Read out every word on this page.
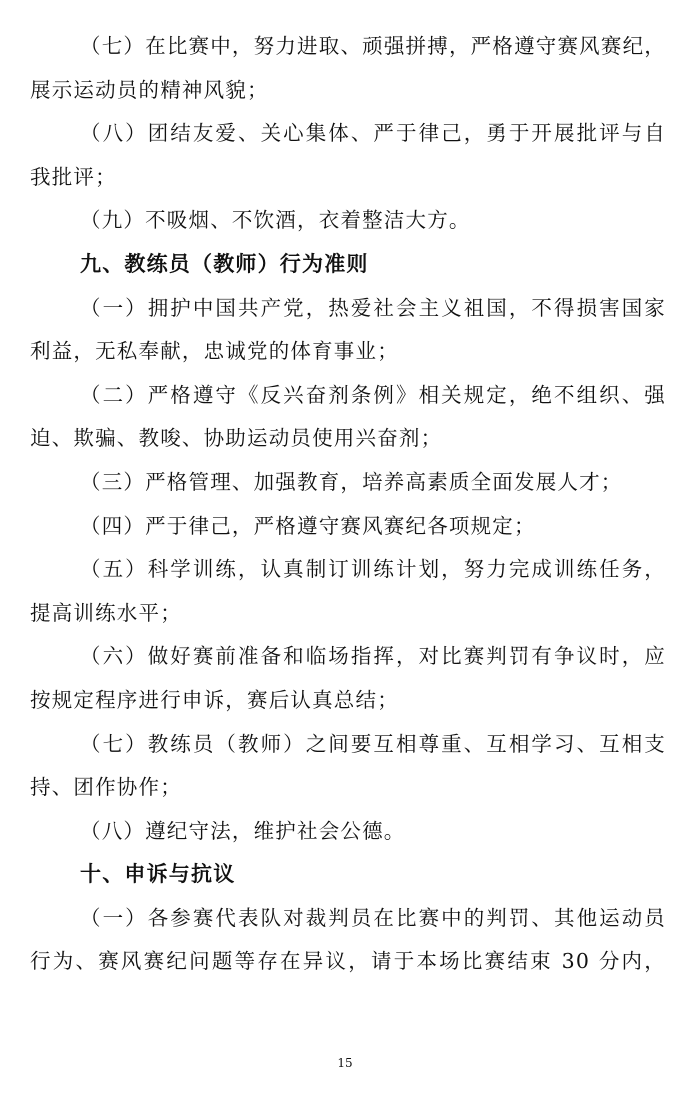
（七）在比赛中，努力进取、顽强拼搏，严格遵守赛风赛纪，
展示运动员的精神风貌；
（八）团结友爱、关心集体、严于律己，勇于开展批评与自
我批评；
（九）不吸烟、不饮酒，衣着整洁大方。
九、教练员（教师）行为准则
（一）拥护中国共产党，热爱社会主义祖国，不得损害国家
利益，无私奉献，忠诚党的体育事业；
（二）严格遵守《反兴奋剂条例》相关规定，绝不组织、强
迫、欺骗、教唆、协助运动员使用兴奋剂；
（三）严格管理、加强教育，培养高素质全面发展人才；
（四）严于律己，严格遵守赛风赛纪各项规定；
（五）科学训练，认真制订训练计划，努力完成训练任务，
提高训练水平；
（六）做好赛前准备和临场指挥，对比赛判罚有争议时，应
按规定程序进行申诉，赛后认真总结；
（七）教练员（教师）之间要互相尊重、互相学习、互相支
持、团作协作；
（八）遵纪守法，维护社会公德。
十、申诉与抗议
（一）各参赛代表队对裁判员在比赛中的判罚、其他运动员
行为、赛风赛纪问题等存在异议，请于本场比赛结束 30 分内，
15
